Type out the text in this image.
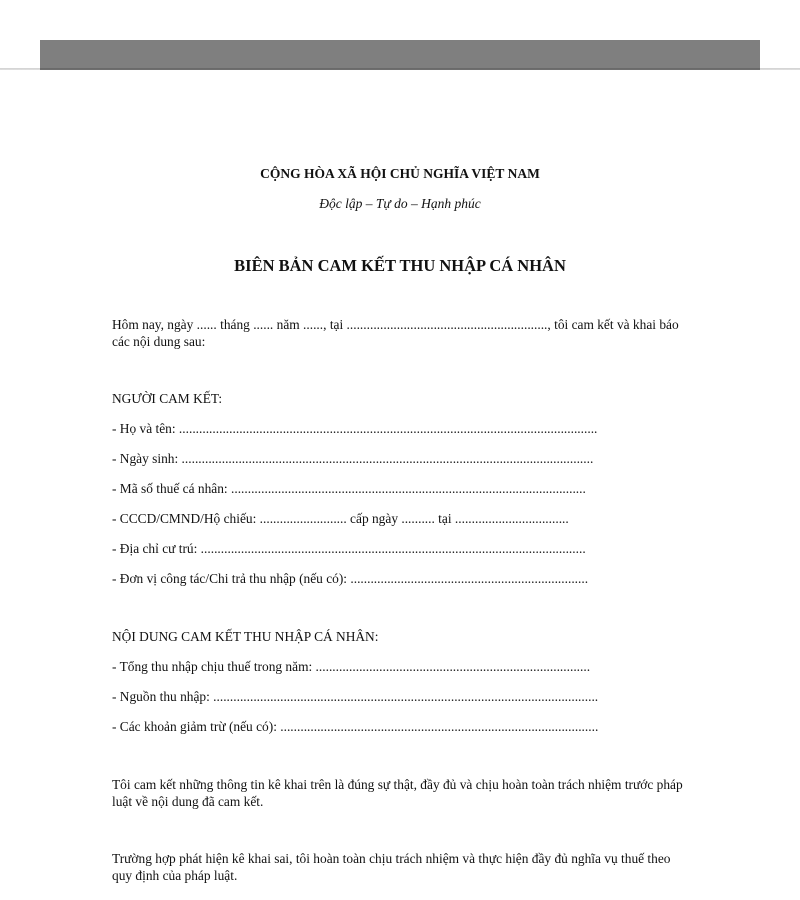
CỘNG HÒA XÃ HỘI CHỦ NGHĨA VIỆT NAM
Độc lập – Tự do – Hạnh phúc
BIÊN BẢN CAM KẾT THU NHẬP CÁ NHÂN
Hôm nay, ngày ...... tháng ...... năm ......, tại ............................................................, tôi cam kết và khai báo các nội dung sau:
NGƯỜI CAM KẾT:
- Họ và tên: .............................................................................................................................
- Ngày sinh: ...........................................................................................................................
- Mã số thuế cá nhân: ..........................................................................................................
- CCCD/CMND/Hộ chiếu: .......................... cấp ngày .......... tại ..................................
- Địa chỉ cư trú: ...................................................................................................................
- Đơn vị công tác/Chi trả thu nhập (nếu có): .......................................................................
NỘI DUNG CAM KẾT THU NHẬP CÁ NHÂN:
- Tổng thu nhập chịu thuế trong năm: ..................................................................................
- Nguồn thu nhập: ...................................................................................................................
- Các khoản giảm trừ (nếu có): ...............................................................................................
Tôi cam kết những thông tin kê khai trên là đúng sự thật, đầy đủ và chịu hoàn toàn trách nhiệm trước pháp luật về nội dung đã cam kết.
Trường hợp phát hiện kê khai sai, tôi hoàn toàn chịu trách nhiệm và thực hiện đầy đủ nghĩa vụ thuế theo quy định của pháp luật.
